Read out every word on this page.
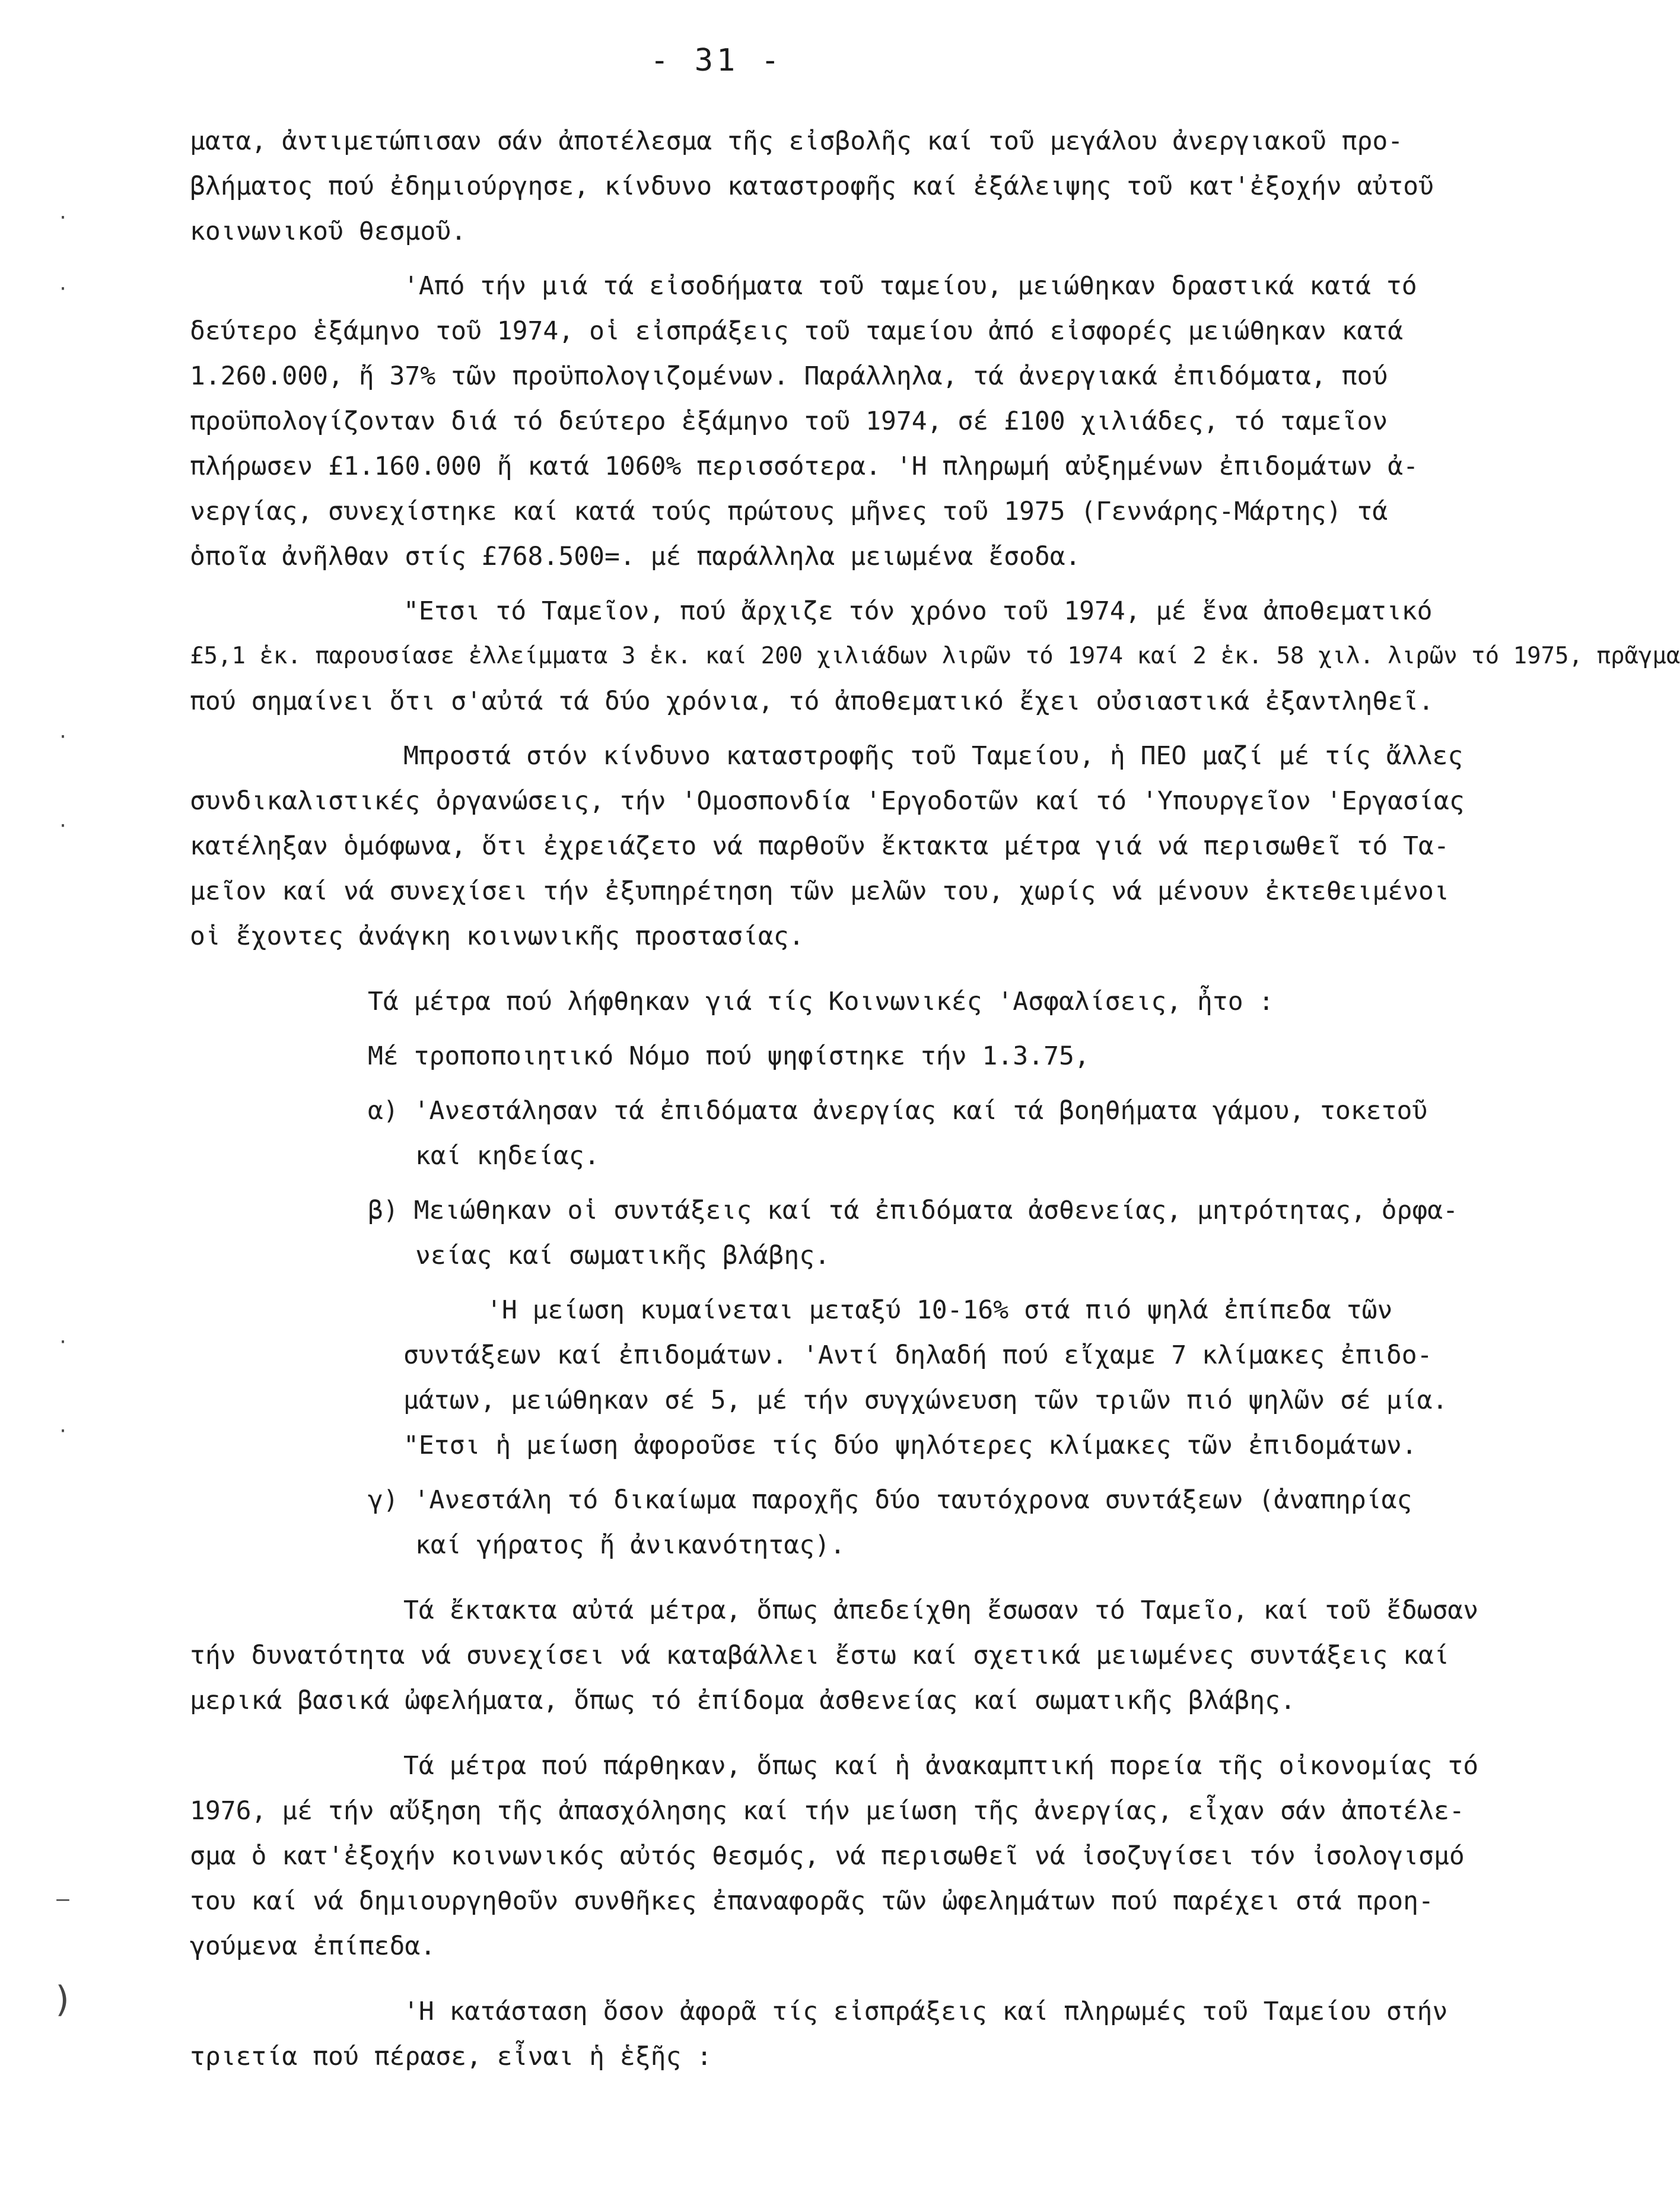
- 31 -
ματα, ἀντιμετώπισαν σάν ἀποτέλεσμα τῆς εἰσβολῆς καί τοῦ μεγάλου ἀνεργιακοῦ προ-
βλήματος πού ἐδημιούργησε, κίνδυνο καταστροφῆς καί ἐξάλειψης τοῦ κατ'ἐξοχήν αὐτοῦ
κοινωνικοῦ θεσμοῦ.
'Από τήν μιά τά εἰσοδήματα τοῦ ταμείου, μειώθηκαν δραστικά κατά τό
δεύτερο ἑξάμηνο τοῦ 1974, οἱ εἰσπράξεις τοῦ ταμείου ἀπό εἰσφορές μειώθηκαν κατά
1.260.000, ἤ 37% τῶν προϋπολογιζομένων. Παράλληλα, τά ἀνεργιακά ἐπιδόματα, πού
προϋπολογίζονταν διά τό δεύτερο ἑξάμηνο τοῦ 1974, σέ £100 χιλιάδες, τό ταμεῖον
πλήρωσεν £1.160.000 ἤ κατά 1060% περισσότερα. 'Η πληρωμή αὐξημένων ἐπιδομάτων ἀ-
νεργίας, συνεχίστηκε καί κατά τούς πρώτους μῆνες τοῦ 1975 (Γεννάρης-Μάρτης) τά
ὁποῖα ἀνῆλθαν στίς £768.500=. μέ παράλληλα μειωμένα ἔσοδα.
"Ετσι τό Ταμεῖον, πού ἄρχιζε τόν χρόνο τοῦ 1974, μέ ἕνα ἀποθεματικό
£5,1 ἑκ. παρουσίασε ἐλλείμματα 3 ἑκ. καί 200 χιλιάδων λιρῶν τό 1974 καί 2 ἑκ. 58 χιλ. λιρῶν τό 1975, πρᾶγμα
πού σημαίνει ὅτι σ'αὐτά τά δύο χρόνια, τό ἀποθεματικό ἔχει οὐσιαστικά ἐξαντληθεῖ.
Μπροστά στόν κίνδυνο καταστροφῆς τοῦ Ταμείου, ἡ ΠΕΟ μαζί μέ τίς ἄλλες
συνδικαλιστικές ὀργανώσεις, τήν 'Ομοσπονδία 'Εργοδοτῶν καί τό 'Υπουργεῖον 'Εργασίας
κατέληξαν ὁμόφωνα, ὅτι ἐχρειάζετο νά παρθοῦν ἔκτακτα μέτρα γιά νά περισωθεῖ τό Τα-
μεῖον καί νά συνεχίσει τήν ἐξυπηρέτηση τῶν μελῶν του, χωρίς νά μένουν ἐκτεθειμένοι
οἱ ἔχοντες ἀνάγκη κοινωνικῆς προστασίας.
Τά μέτρα πού λήφθηκαν γιά τίς Κοινωνικές 'Ασφαλίσεις, ἦτο :
Μέ τροποποιητικό Νόμο πού ψηφίστηκε τήν 1.3.75,
α) 'Ανεστάλησαν τά ἐπιδόματα ἀνεργίας καί τά βοηθήματα γάμου, τοκετοῦ
καί κηδείας.
β) Μειώθηκαν οἱ συντάξεις καί τά ἐπιδόματα ἀσθενείας, μητρότητας, ὀρφα-
νείας καί σωματικῆς βλάβης.
'Η μείωση κυμαίνεται μεταξύ 10-16% στά πιό ψηλά ἐπίπεδα τῶν
συντάξεων καί ἐπιδομάτων. 'Αντί δηλαδή πού εἴχαμε 7 κλίμακες ἐπιδο-
μάτων, μειώθηκαν σέ 5, μέ τήν συγχώνευση τῶν τριῶν πιό ψηλῶν σέ μία.
"Ετσι ἡ μείωση ἀφοροῦσε τίς δύο ψηλότερες κλίμακες τῶν ἐπιδομάτων.
γ) 'Ανεστάλη τό δικαίωμα παροχῆς δύο ταυτόχρονα συντάξεων (ἀναπηρίας
καί γήρατος ἤ ἀνικανότητας).
Τά ἔκτακτα αὐτά μέτρα, ὅπως ἀπεδείχθη ἔσωσαν τό Ταμεῖο, καί τοῦ ἔδωσαν
τήν δυνατότητα νά συνεχίσει νά καταβάλλει ἔστω καί σχετικά μειωμένες συντάξεις καί
μερικά βασικά ὠφελήματα, ὅπως τό ἐπίδομα ἀσθενείας καί σωματικῆς βλάβης.
Τά μέτρα πού πάρθηκαν, ὅπως καί ἡ ἀνακαμπτική πορεία τῆς οἰκονομίας τό
1976, μέ τήν αὔξηση τῆς ἀπασχόλησης καί τήν μείωση τῆς ἀνεργίας, εἶχαν σάν ἀποτέλε-
σμα ὁ κατ'ἐξοχήν κοινωνικός αὐτός θεσμός, νά περισωθεῖ νά ἰσοζυγίσει τόν ἰσολογισμό
του καί νά δημιουργηθοῦν συνθῆκες ἐπαναφορᾶς τῶν ὠφελημάτων πού παρέχει στά προη-
γούμενα ἐπίπεδα.
'Η κατάσταση ὅσον ἀφορᾶ τίς εἰσπράξεις καί πληρωμές τοῦ Ταμείου στήν
τριετία πού πέρασε, εἶναι ἡ ἑξῆς :
·
·
·
·
·
·
–
)
